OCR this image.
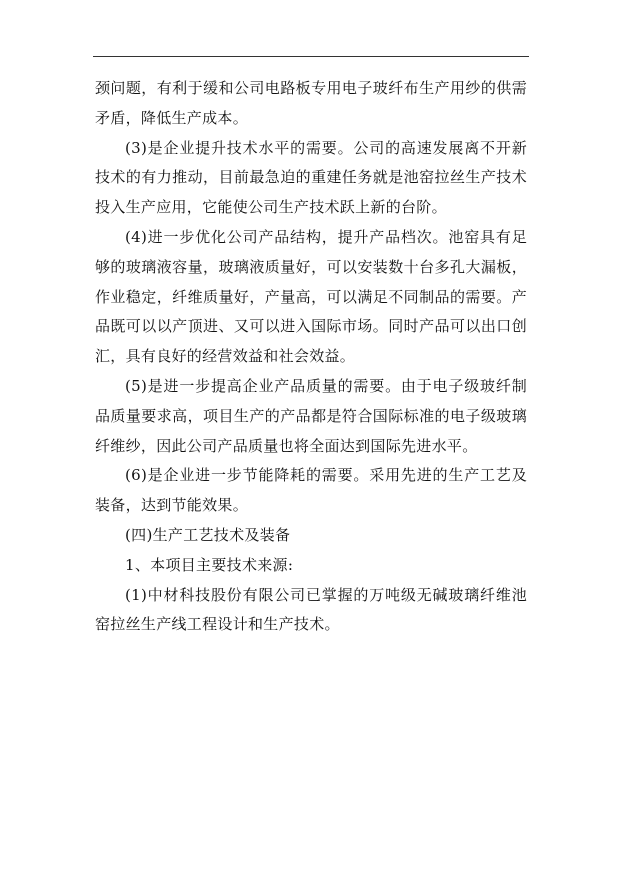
颈问题，有利于缓和公司电路板专用电子玻纤布生产用纱的供需矛盾，降低生产成本。

(3)是企业提升技术水平的需要。公司的高速发展离不开新技术的有力推动，目前最急迫的重建任务就是池窑拉丝生产技术投入生产应用，它能使公司生产技术跃上新的台阶。

(4)进一步优化公司产品结构，提升产品档次。池窑具有足够的玻璃液容量，玻璃液质量好，可以安装数十台多孔大漏板，作业稳定，纤维质量好，产量高，可以满足不同制品的需要。产品既可以以产顶进、又可以进入国际市场。同时产品可以出口创汇，具有良好的经营效益和社会效益。

(5)是进一步提高企业产品质量的需要。由于电子级玻纤制品质量要求高，项目生产的产品都是符合国际标准的电子级玻璃纤维纱，因此公司产品质量也将全面达到国际先进水平。

(6)是企业进一步节能降耗的需要。采用先进的生产工艺及装备，达到节能效果。

(四)生产工艺技术及装备

1、本项目主要技术来源:

(1)中材科技股份有限公司已掌握的万吨级无碱玻璃纤维池窑拉丝生产线工程设计和生产技术。
